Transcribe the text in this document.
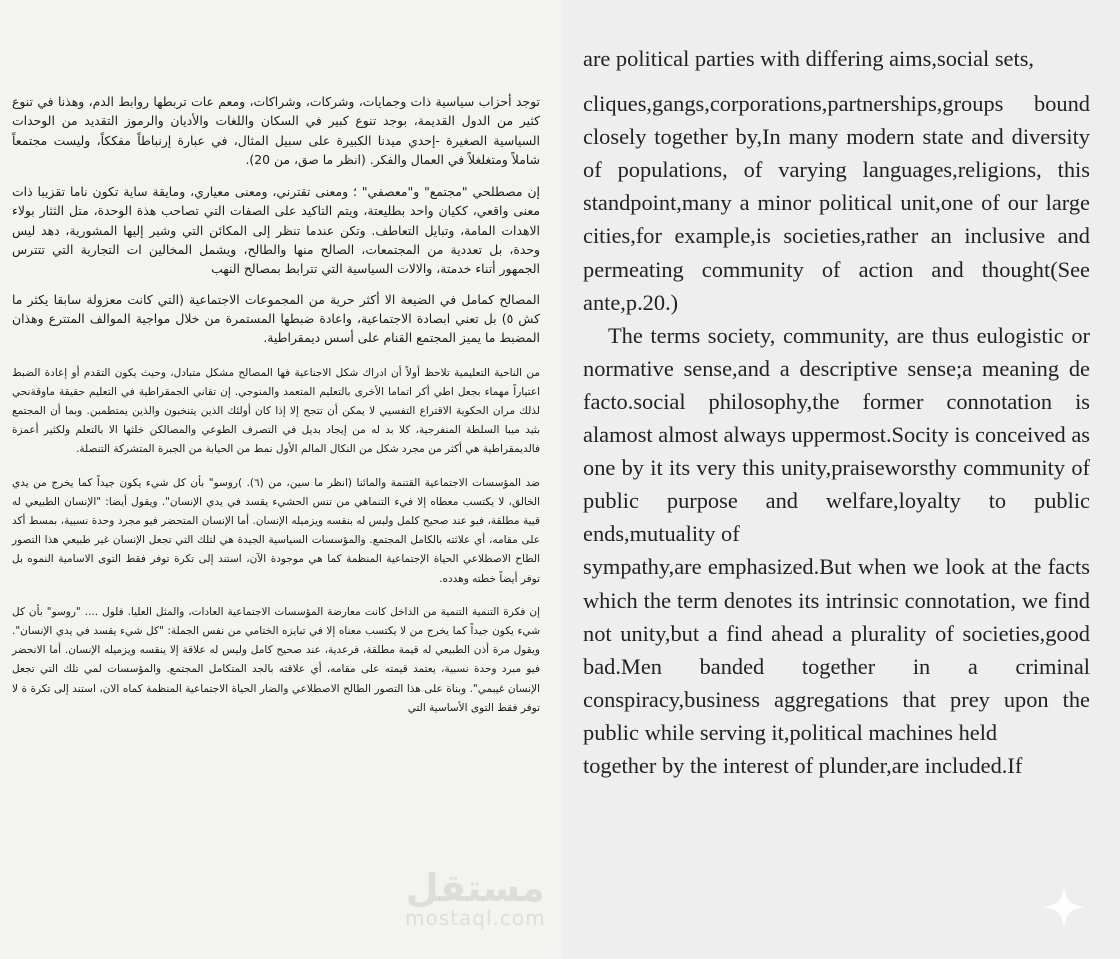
توجد أحزاب سياسية ذات وجمايات، وشركات، وشراكات، ومعم عات تربطها روابط الدم، وهذنا في تنوع كثير من الدول القديمة، بوجد تنوع كبير في السكان واللغات والأديان والرموز التقديد من الوحدات السياسية الصغيرة -إحدي ميدنا الكبيرة على سبيل المثال، في عبارة إرنباطاً مفككاً، وليست مجتمعاً شاملاً ومتغلغلاً في العمال والفكر. (انظر ما صق، من 20).

إن مصطلحي "مجتمع" و"معصفي" ؛ ومعنى تقترني، ومعنى معياري، ومايقة ساية تكون ناما تقزيبا ذات معنى واقعي، ككيان واحد بطليعتة، ويتم التاكيد على الصفات التي تصاحب هذة الوحدة، متل الثثار بولاء الاهدات المامة، وتبايل التعاطف. وتكن عندما تنظر إلى المكائن التي وشير إليها المشورية، دهد ليس وحدة، بل تعددية من المجتمعات، الصالح منها والطالح، ويشمل المخالين ات التجارية التي تتترس الجمهور أتناء خدمتة، والالات السياسية التي تترابط بمصالح النهب

المصالح كمامل في الضيعة الا أكثر حرية من المجموعات الاجتماعية (التي كانت معزولة سابقا يكثر ما كش ٥) بل تعني ابصادة الاجتماعية، واعادة ضبطها المستمرة من خلال مواجية الموالف المتترع وهذان المضبط ما يميز المجتمع القنام على أسس ديمقراطية.

من الناحية التعليمية تلاحظ أولاً أن ادراك شكل الاجناعية فها المصالح مشكل متبادل، وحيث يكون التقدم أو إعادة الضبط اعتياراً مهماء بجعل اطي أكر اتماما الأخرى بالتعليم المتعمد والمنوجي. إن تقاني الجمقراطية في التعليم حقيقة ماوقةنحي لذلك مران الحكوية الاقتراع التفسيي لا يمكن أن تتجح إلا إذا كان أولئك الذين يتنخبون والذين يمتطمبن. وبما أن المجتمع بثيد ميبا السلطة المنفرجية، كلا بد له من إيجاد بديل في التصرف الطوعي والمصالكن خلثها الا بالتعلم ولكثير أعمزة فالديمقراطية هي أكثر من مجرد شكل من النكال المالم الأول نمط من الحيابة من الجبرة المتشركة التنصلة.

ضد المؤسسات الاجتماعية القتنمة والمائنا (انظر ما سين، من (٦). )روسو" بأن كل شيء يكون جيداً كما يخرج من يدي الخالق، لا يكتسب معطاه إلا فيء التنماهي من تنس الحشيء يقسد في يدي الإنسان". ويقول أيضا: "الإنسان الطبيعي له قيية مطلقة، فيو عند صحيح كلمل ولبس له بنقسه ويزميله الإنسان. أما الإنسان المتحضر فيو مجرد وحدة نسبية، بمسط أكد على مقامه، أي علاثته بالكامل المجتمع. والمؤسسات السياسية الجيدة هي لتلك التي تجعل الإنسان غير طبيعي هذا التصور الطاح الاصطلاعي الحياة الإجتماعية المنظمة كما هي موجودة الآن، استند إلى تكرة توفر فقط التوى الاسامية النموه بل توفر أيضاً خطته وهدده.

إن فكرة التنمية التنمية من الداخل كانت معارضة المؤسسات الاجتماعية العادات، والمثل العليا. فلول .... "روسو" بأن كل شيء يكون جيداً كما يخرج من لا يكتسب معناه إلا في تبايزه الختامي من نفس الجملة: "كل شيء يقسد في يدي الإنسان". ويقول مرة أذن الطبيعي له قيمة مطلقة، فرعدية، عند صحيح كامل وليس له علاقة إلا ينقسه ويزميله الإنسان. أما الانحضر فيو مبرد وحدة نسبية، يعتمد قيمته على مقامه، أي علاقته بالجد المتكامل المجتمع. والمؤسسات لمي تلك التي تجعل الإنسان غيبمي". وبناة على هذا التصور الطالح الاصطلاعي والضار الحياة الاجتماعية المنظمة كماه الان، استند إلى تكرة ة لا توفر فقط التوى الأساسية التي

are political parties with differing aims,social sets,

cliques,gangs,corporations,partnerships,groups bound closely together by,In many modern state and diversity of populations, of varying languages,religions, this standpoint,many a minor political unit,one of our large cities,for example,is societies,rather an inclusive and permeating community of action and thought(See ante,p.20.)

The terms society, community, are thus eulogistic or normative sense,and a descriptive sense;a meaning de facto.social philosophy,the former connotation is alamost almost always uppermost.Socity is conceived as one by it its very this unity,praiseworsthy community of public purpose and welfare,loyalty to public ends,mutuality of

sympathy,are emphasized.But when we look at the facts which the term denotes its intrinsic connotation, we find not unity,but a find ahead a plurality of societies,good bad.Men banded together in a criminal conspiracy,business aggregations that prey upon the public while serving it,political machines held

together by the interest of plunder,are included.If

مستقل
mostaql.com
